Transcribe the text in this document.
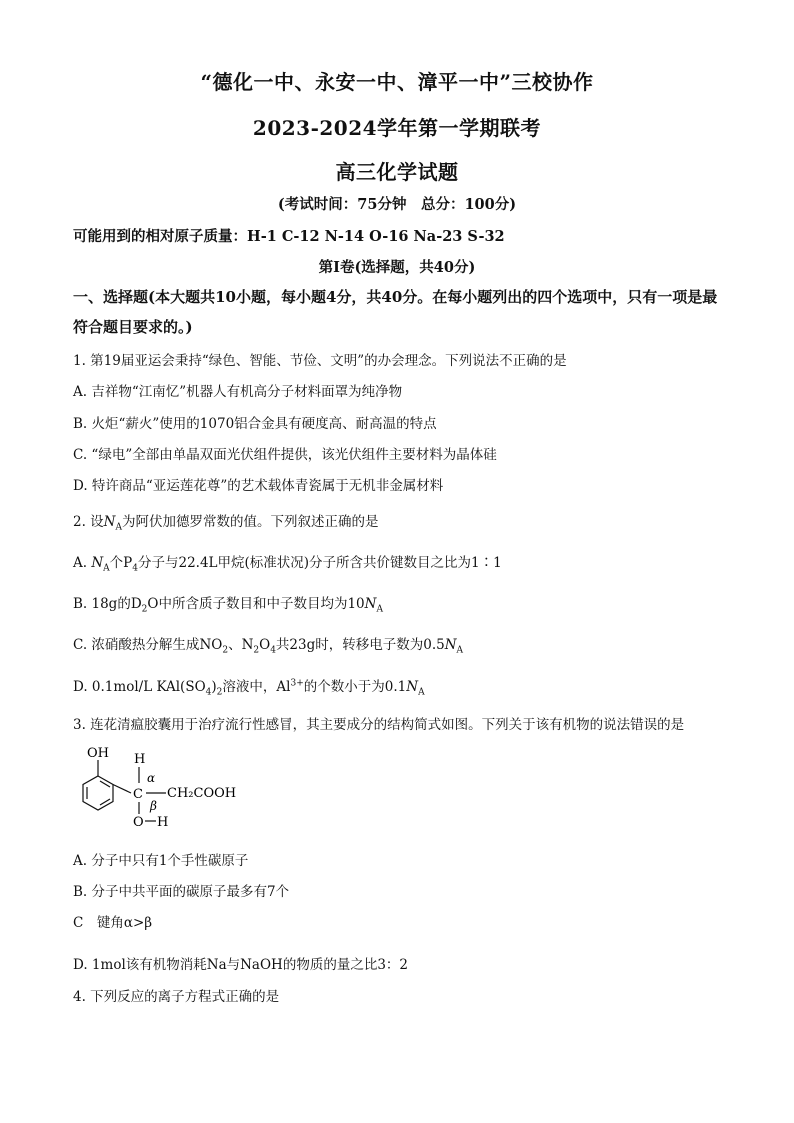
“德化一中、永安一中、漳平一中”三校协作
2023-2024学年第一学期联考
高三化学试题
(考试时间：75分钟　总分：100分)
可能用到的相对原子质量：H-1 C-12 N-14 O-16 Na-23 S-32
第I卷(选择题，共40分)
一、选择题(本大题共10小题，每小题4分，共40分。在每小题列出的四个选项中，只有一项是最符合题目要求的。)
1. 第19届亚运会秉持“绿色、智能、节俭、文明”的办会理念。下列说法不正确的是
A. 吉祥物“江南忆”机器人有机高分子材料面罩为纯净物
B. 火炬“薪火”使用的1070铝合金具有硬度高、耐高温的特点
C. “绿电”全部由单晶双面光伏组件提供，该光伏组件主要材料为晶体硅
D. 特许商品“亚运莲花尊”的艺术载体青瓷属于无机非金属材料
2. 设$N_A$为阿伏加德罗常数的值。下列叙述正确的是
A. $N_A$个$P_4$分子与22.4L甲烷(标准状况)分子所含共价键数目之比为1∶1
B. 18g的$D_2O$中所含质子数目和中子数目均为$10N_A$
C. 浓硝酸热分解生成$NO_2$、$N_2O_4$共23g时，转移电子数为$0.5N_A$
D. 0.1mol/L $KAl(SO_4)_2$溶液中，$Al^{3+}$的个数小于为$0.1N_A$
3. 连花清瘟胶囊用于治疗流行性感冒，其主要成分的结构简式如图。下列关于该有机物的说法错误的是
OH H
C
α
β
CH₂COOH
O H
A. 分子中只有1个手性碳原子
B. 分子中共平面的碳原子最多有7个
C　键角α>β
D. 1mol该有机物消耗Na与NaOH的物质的量之比3：2
4. 下列反应的离子方程式正确的是
